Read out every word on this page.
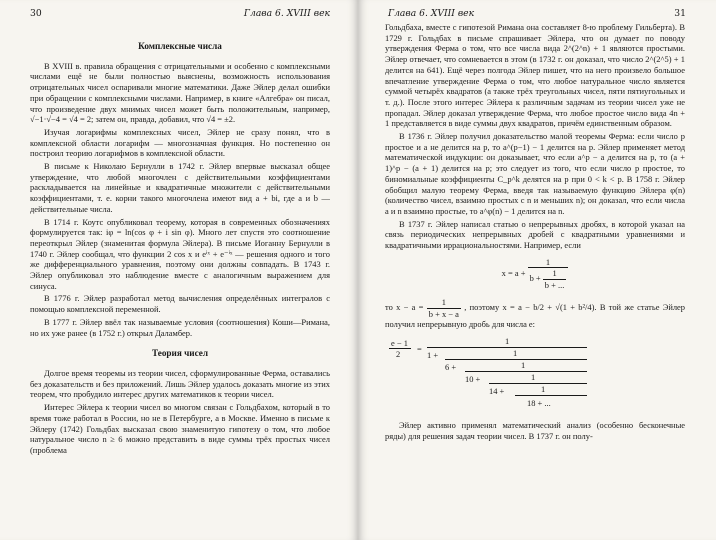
30	Глава 6. XVIII век
Комплексные числа

В XVIII в. правила обращения с отрицательными и особенно с комплексными числами ещё не были полностью выяснены, возможность использования отрицательных чисел оспаривали многие математики. Даже Эйлер делал ошибки при обращении с комплексными числами. Например, в книге «Алгебра» он писал, что произведение двух мнимых чисел может быть положительным, например, √−1·√−4 = √4 = 2; затем он, правда, добавил, что √4 = ±2.

Изучая логарифмы комплексных чисел, Эйлер не сразу понял, что в комплексной области логарифм — многозначная функция. Но постепенно он построил теорию логарифмов в комплексной области.

В письме к Николаю Бернулли в 1742 г. Эйлер впервые высказал общее утверждение, что любой многочлен с действительными коэффициентами раскладывается на линейные и квадратичные множители с действительными коэффициентами, т. е. корни такого многочлена имеют вид a + bi, где a и b — действительные числа.

В 1714 г. Коутс опубликовал теорему, которая в современных обозначениях формулируется так: iφ = ln(cos φ + i sin φ). Много лет спустя это соотношение переоткрыл Эйлер (знаменитая формула Эйлера). В письме Иоганну Бернулли в 1740 г. Эйлер сообщал, что функции 2 cos x и eⁱˣ + e⁻ⁱˣ — решения одного и того же дифференциального уравнения, поэтому они должны совпадать. В 1743 г. Эйлер опубликовал это наблюдение вместе с аналогичным выражением для синуса.

В 1776 г. Эйлер разработал метод вычисления определённых интегралов с помощью комплексной переменной.

В 1777 г. Эйлер ввёл так называемые условия (соотношения) Коши—Римана, но их уже ранее (в 1752 г.) открыл Даламбер.

Теория чисел

Долгое время теоремы из теории чисел, сформулированные Ферма, оставались без доказательств и без приложений. Лишь Эйлер удалось доказать многие из этих теорем, что пробудило интерес других математиков к теории чисел.

Интерес Эйлера к теории чисел во многом связан с Гольдбахом, который в то время тоже работал в России, но не в Петербурге, а в Москве. Именно в письме к Эйлеру (1742) Гольдбах высказал свою знаменитую гипотезу о том, что любое натуральное число n ≥ 6 можно представить в виде суммы трёх простых чисел (проблема

Глава 6. XVIII век	31

Гольдбаха, вместе с гипотезой Римана она составляет 8-ю проблему Гильберта). В 1729 г. Гольдбах в письме спрашивает Эйлера, что он думает по поводу утверждения Ферма о том, что все числа вида 2^(2^n) + 1 являются простыми. Эйлер отвечает, что сомневается в этом (в 1732 г. он доказал, что число 2^(2^5) + 1 делится на 641). Ещё через полгода Эйлер пишет, что на него произвело большое впечатление утверждение Ферма о том, что любое натуральное число является суммой четырёх квадратов (а также трёх треугольных чисел, пяти пятиугольных и т. д.). После этого интерес Эйлера к различным задачам из теории чисел уже не пропадал. Эйлер доказал утверждение Ферма, что любое простое число вида 4n + 1 представляется в виде суммы двух квадратов, причём единственным образом.

В 1736 г. Эйлер получил доказательство малой теоремы Ферма: если число p простое и a не делится на p, то a^(p−1) − 1 делится на p. Эйлер применяет метод математической индукции: он доказывает, что если a^p − a делится на p, то (a + 1)^p − (a + 1) делится на p; это следует из того, что если число p простое, то биномиальные коэффициенты C_p^k делятся на p при 0 < k < p. В 1758 г. Эйлер обобщил малую теорему Ферма, введя так называемую функцию Эйлера φ(n) (количество чисел, взаимно простых с n и меньших n); он доказал, что если числа a и n взаимно простые, то a^φ(n) − 1 делится на n.

В 1737 г. Эйлер написал статью о непрерывных дробях, в которой указал на связь периодических непрерывных дробей с квадратными уравнениями и квадратичными иррациональностями. Например, если

$x = a + \frac{1}{b + \frac{1}{b + ...}}$
то $x - a = \frac{1}{b + x - a}$ , поэтому x = a − b/2 + √(1 + b²/4). В той же статье Эйлер получил непрерывную дробь для числа e:
e − 1
2 =
1
1 +	1
6 +	1
10 +	1
14 +	1
18 + ...

Эйлер активно применял математический анализ (особенно бесконечные ряды) для решения задач теории чисел. В 1737 г. он полу-
